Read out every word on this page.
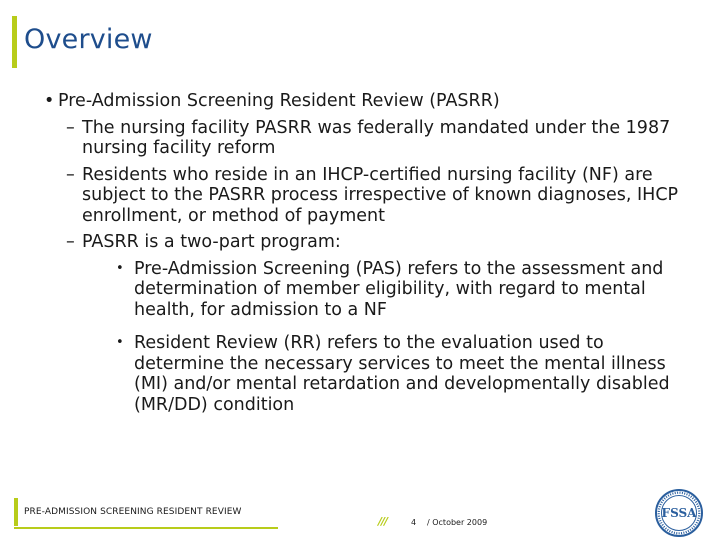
Overview
• Pre-Admission Screening Resident Review (PASRR)
– The nursing facility PASRR was federally mandated under the 1987 nursing facility reform
– Residents who reside in an IHCP-certified nursing facility (NF) are subject to the PASRR process irrespective of known diagnoses, IHCP enrollment, or method of payment
– PASRR is a two-part program:
• Pre-Admission Screening (PAS) refers to the assessment and determination of member eligibility, with regard to mental health, for admission to a NF
• Resident Review (RR) refers to the evaluation used to determine the necessary services to meet the mental illness (MI) and/or mental retardation and developmentally disabled (MR/DD) condition
PRE-ADMISSION SCREENING RESIDENT REVIEW
///	4 / October 2009
FSSA
